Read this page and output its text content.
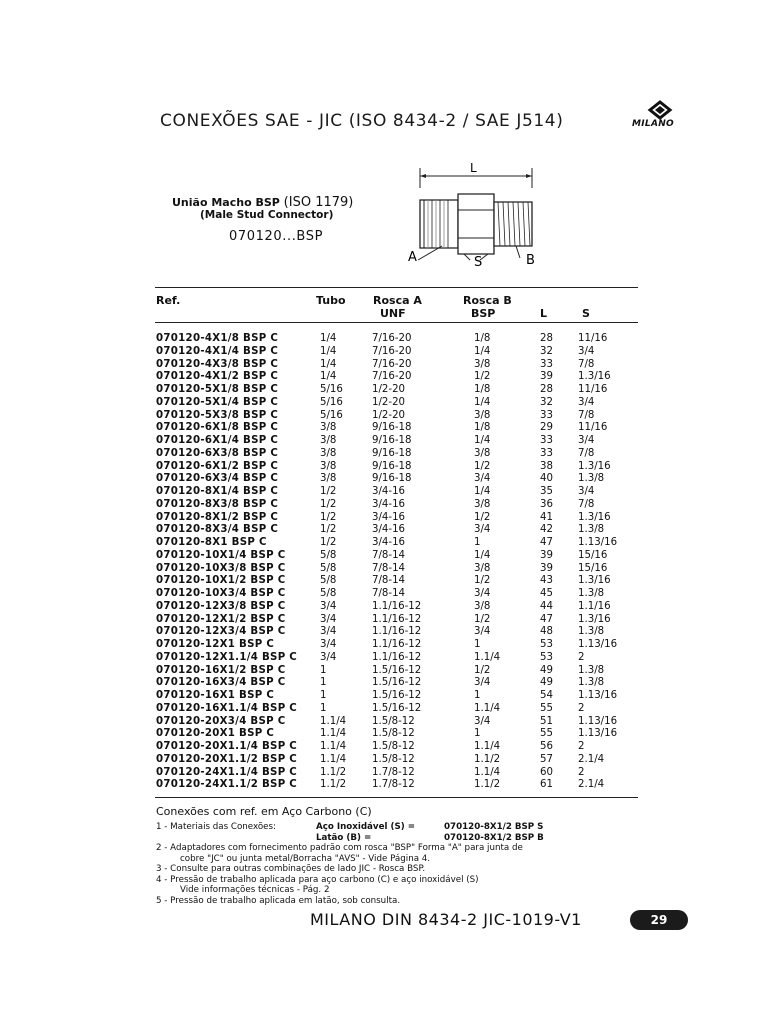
CONEXÕES SAE - JIC (ISO 8434-2 / SAE J514)	MILANO
União Macho BSP (ISO 1179)
(Male Stud Connector)
070120...BSP
L
A	S	B
Ref.	Tubo Rosca A
UNF
Rosca B
BSP	L	S
070120-4X1/8 BSP C	1/4	7/16-20	1/8	28 11/16
070120-4X1/4 BSP C	1/4	7/16-20	1/4	32 3/4
070120-4X3/8 BSP C	1/4	7/16-20	3/8	33 7/8
070120-4X1/2 BSP C	1/4	7/16-20	1/2	39 1.3/16
070120-5X1/8 BSP C	5/16	1/2-20	1/8	28 11/16
070120-5X1/4 BSP C	5/16	1/2-20	1/4	32 3/4
070120-5X3/8 BSP C	5/16	1/2-20	3/8	33 7/8
070120-6X1/8 BSP C	3/8	9/16-18	1/8	29 11/16
070120-6X1/4 BSP C	3/8	9/16-18	1/4	33 3/4
070120-6X3/8 BSP C	3/8	9/16-18	3/8	33 7/8
070120-6X1/2 BSP C	3/8	9/16-18	1/2	38 1.3/16
070120-6X3/4 BSP C	3/8	9/16-18	3/4	40 1.3/8
070120-8X1/4 BSP C	1/2	3/4-16	1/4	35 3/4
070120-8X3/8 BSP C	1/2	3/4-16	3/8	36 7/8
070120-8X1/2 BSP C	1/2	3/4-16	1/2	41 1.3/16
070120-8X3/4 BSP C	1/2	3/4-16	3/4	42 1.3/8
070120-8X1 BSP C	1/2	3/4-16	1	47 1.13/16
070120-10X1/4 BSP C	5/8	7/8-14	1/4	39 15/16
070120-10X3/8 BSP C	5/8	7/8-14	3/8	39 15/16
070120-10X1/2 BSP C	5/8	7/8-14	1/2	43 1.3/16
070120-10X3/4 BSP C	5/8	7/8-14	3/4	45 1.3/8
070120-12X3/8 BSP C	3/4	1.1/16-12	3/8	44 1.1/16
070120-12X1/2 BSP C	3/4	1.1/16-12	1/2	47 1.3/16
070120-12X3/4 BSP C	3/4	1.1/16-12	3/4	48 1.3/8
070120-12X1 BSP C	3/4	1.1/16-12	1	53 1.13/16
070120-12X1.1/4 BSP C 3/4	1.1/16-12	1.1/4	53 2
070120-16X1/2 BSP C	1	1.5/16-12	1/2	49 1.3/8
070120-16X3/4 BSP C	1	1.5/16-12	3/4	49 1.3/8
070120-16X1 BSP C	1	1.5/16-12	1	54 1.13/16
070120-16X1.1/4 BSP C 1	1.5/16-12	1.1/4	55 2
070120-20X3/4 BSP C	1.1/4	1.5/8-12	3/4	51 1.13/16
070120-20X1 BSP C	1.1/4	1.5/8-12	1	55 1.13/16
070120-20X1.1/4 BSP C 1.1/4	1.5/8-12	1.1/4	56 2
070120-20X1.1/2 BSP C 1.1/4	1.5/8-12	1.1/2	57 2.1/4
070120-24X1.1/4 BSP C 1.1/2	1.7/8-12	1.1/4	60 2
070120-24X1.1/2 BSP C 1.1/2	1.7/8-12	1.1/2	61 2.1/4
Conexões com ref. em Aço Carbono (C)
1 - Materiais das Conexões:	Aço Inoxidável (S) =	070120-8X1/2 BSP S
Latão (B) =	070120-8X1/2 BSP B
2 - Adaptadores com fornecimento padrão com rosca "BSP" Forma "A" para junta de
cobre "JC" ou junta metal/Borracha "AVS" - Vide Página 4.
3 - Consulte para outras combinações de lado JIC - Rosca BSP.
4 - Pressão de trabalho aplicada para aço carbono (C) e aço inoxidável (S)
Vide informações técnicas - Pág. 2
5 - Pressão de trabalho aplicada em latão, sob consulta.
MILANO DIN 8434-2 JIC-1019-V1	29
